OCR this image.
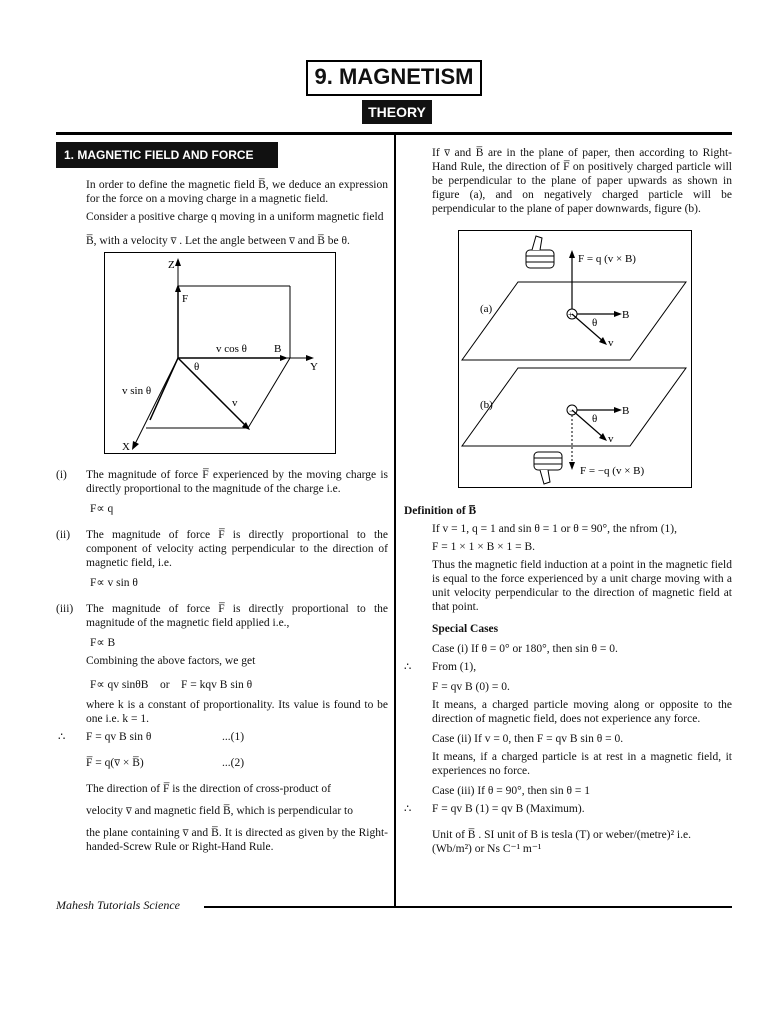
9. MAGNETISM
THEORY
1. MAGNETIC FIELD AND FORCE
In order to define the magnetic field B̅, we deduce an expression for the force on a moving charge in a magnetic field.
Consider a positive charge q moving in a uniform magnetic field
B̅, with a velocity v̅ . Let the angle between v̅ and B̅ be θ.
Z
F
v cos θ B
Y
θ
v sin θ
v
X
(i) The magnitude of force F̅ experienced by the moving charge is directly proportional to the magnitude of the charge i.e.
F∝ q
(ii) The magnitude of force F̅ is directly proportional to the component of velocity acting perpendicular to the direction of magnetic field, i.e.
F∝ v sin θ
(iii) The magnitude of force F̅ is directly proportional to the magnitude of the magnetic field applied i.e.,
F∝ B
Combining the above factors, we get
F∝ qv sinθB    or    F = kqv B sin θ
where k is a constant of proportionality. Its value is found to be one i.e. k = 1.
∴ F = qv B sin θ	...(1)
F̅ = q(v̅ × B̅)	...(2)
The direction of F̅ is the direction of cross-product of
velocity v̅ and magnetic field B̅, which is perpendicular to
the plane containing v̅ and B̅. It is directed as given by the Right-handed-Screw Rule or Right-Hand Rule.
If v̅ and B̅ are in the plane of paper, then according to Right-Hand Rule, the direction of F̅ on positively charged particle will be perpendicular to the plane of paper upwards as shown in figure (a), and on negatively charged particle will be perpendicular to the plane of paper downwards, figure (b).
F = q (v × B)
+
(a)	B
θ
v
−
(b)	B
θ
v
F = −q (v × B)
Definition of B̅
If v = 1, q = 1 and sin θ = 1 or θ = 90°, the nfrom (1),
F = 1 × 1 × B × 1 = B.
Thus the magnetic field induction at a point in the magnetic field is equal to the force experienced by a unit charge moving with a unit velocity perpendicular to the direction of magnetic field at that point.
Special Cases
Case (i) If θ = 0° or 180°, then sin θ = 0.
∴ From (1),
F = qv B (0) = 0.
It means, a charged particle moving along or opposite to the direction of magnetic field, does not experience any force.
Case (ii) If v = 0, then F = qv B sin θ = 0.
It means, if a charged particle is at rest in a magnetic field, it experiences no force.
Case (iii) If θ = 90°, then sin θ = 1
∴ F = qv B (1) = qv B (Maximum).
Unit of B̅ . SI unit of B is tesla (T) or weber/(metre)² i.e. (Wb/m²) or Ns C⁻¹ m⁻¹
Mahesh Tutorials Science
